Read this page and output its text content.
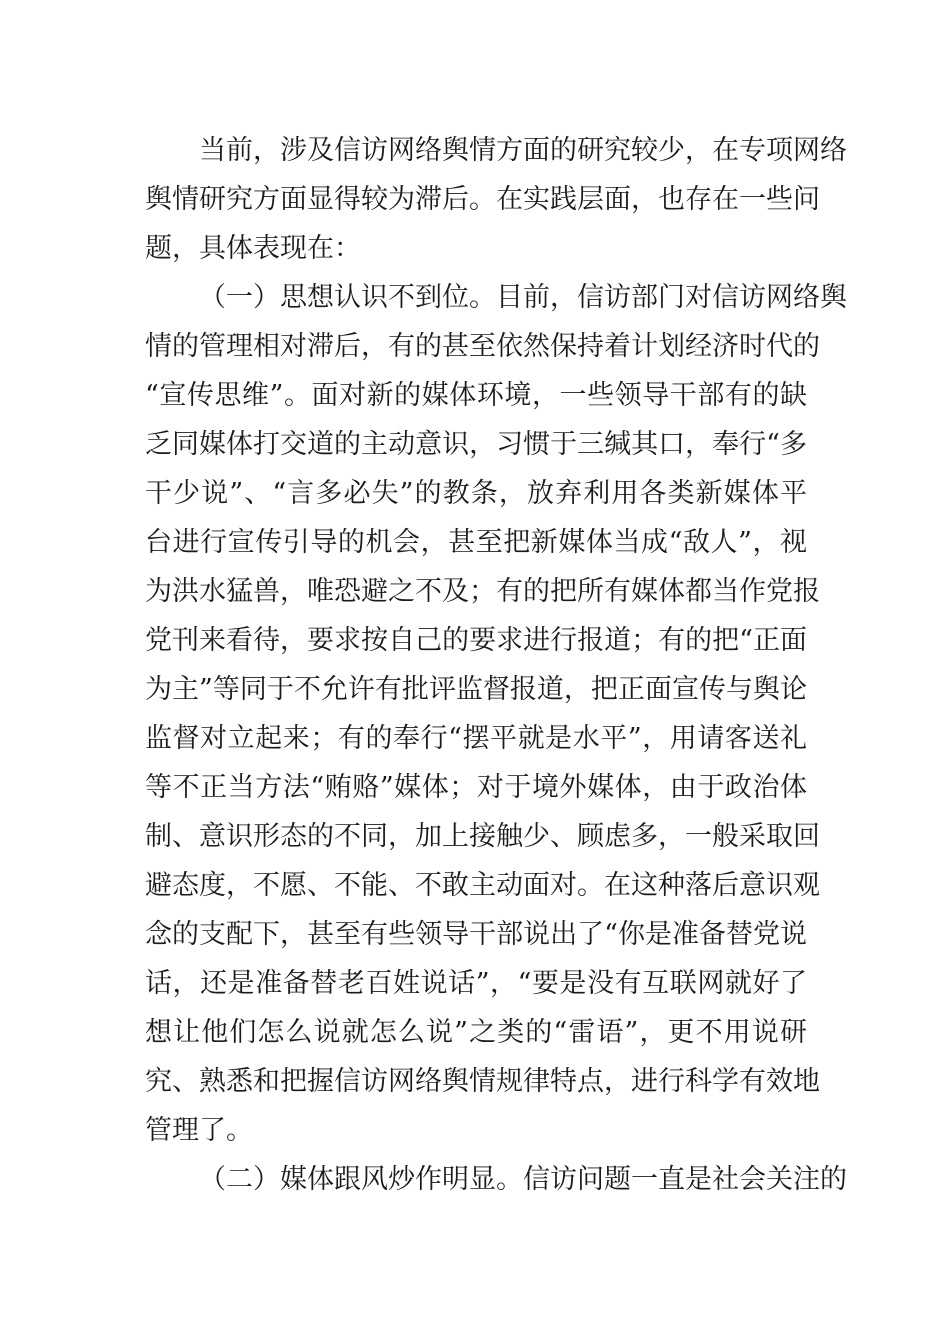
当前，涉及信访网络舆情方面的研究较少，在专项网络
舆情研究方面显得较为滞后。在实践层面，也存在一些问
题，具体表现在：
（一）思想认识不到位。目前，信访部门对信访网络舆
情的管理相对滞后，有的甚至依然保持着计划经济时代的
“宣传思维”。面对新的媒体环境，一些领导干部有的缺
乏同媒体打交道的主动意识，习惯于三缄其口，奉行“多
干少说”、“言多必失”的教条，放弃利用各类新媒体平
台进行宣传引导的机会，甚至把新媒体当成“敌人”，视
为洪水猛兽，唯恐避之不及；有的把所有媒体都当作党报
党刊来看待，要求按自己的要求进行报道；有的把“正面
为主”等同于不允许有批评监督报道，把正面宣传与舆论
监督对立起来；有的奉行“摆平就是水平”，用请客送礼
等不正当方法“贿赂”媒体；对于境外媒体，由于政治体
制、意识形态的不同，加上接触少、顾虑多，一般采取回
避态度，不愿、不能、不敢主动面对。在这种落后意识观
念的支配下，甚至有些领导干部说出了“你是准备替党说
话，还是准备替老百姓说话”，“要是没有互联网就好了
想让他们怎么说就怎么说”之类的“雷语”，更不用说研
究、熟悉和把握信访网络舆情规律特点，进行科学有效地
管理了。
（二）媒体跟风炒作明显。信访问题一直是社会关注的
